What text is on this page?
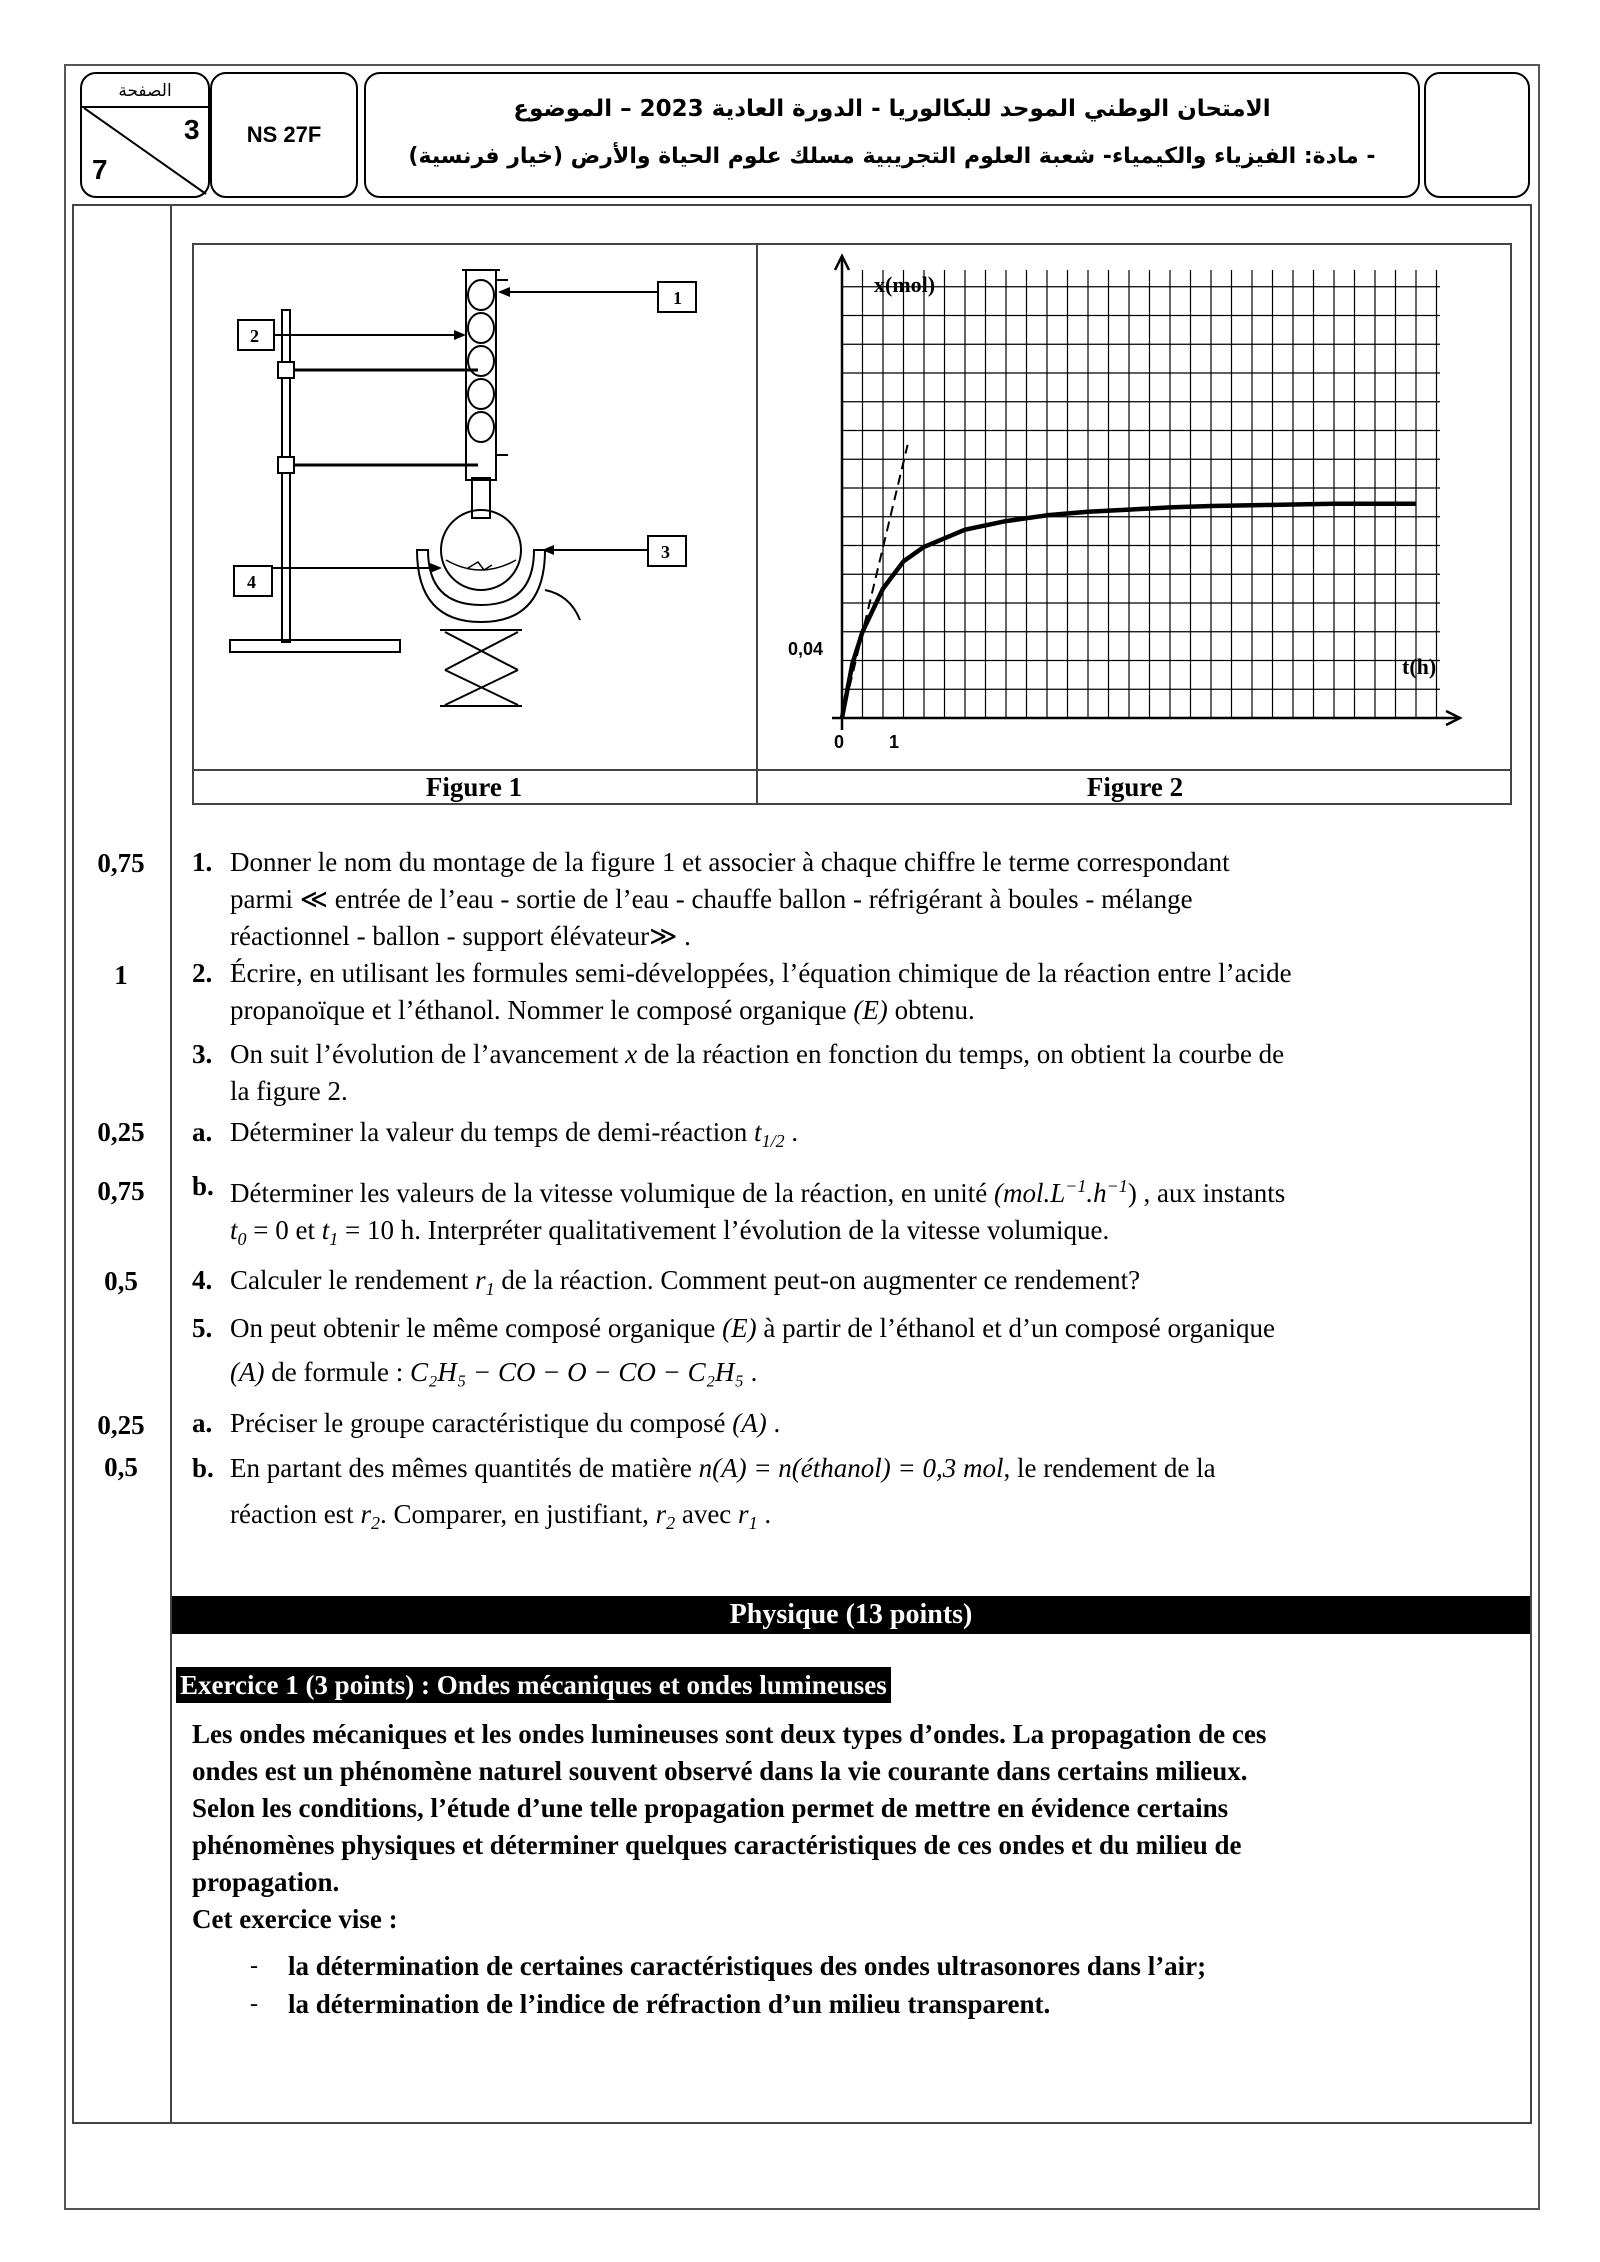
الصفحة
3
7
NS 27F
الامتحان الوطني الموحد للبكالوريا - الدورة العادية 2023 – الموضوع
- مادة: الفيزياء والكيمياء- شعبة العلوم التجريبية مسلك علوم الحياة والأرض (خيار فرنسية)
Figure 1	Figure 2
1
2
3
4
x(mol)
t(h)
0,04
0 1
0,75
1
0,25
0,75
0,5
0,25
0,5
1. Donner le nom du montage de la figure 1 et associer à chaque chiffre le terme correspondant
parmi ≪ entrée de l’eau - sortie de l’eau - chauffe ballon - réfrigérant à boules - mélange
réactionnel - ballon - support élévateur≫ .
2. Écrire, en utilisant les formules semi-développées, l’équation chimique de la réaction entre l’acide
propanoïque et l’éthanol. Nommer le composé organique (E) obtenu.
3. On suit l’évolution de l’avancement x de la réaction en fonction du temps, on obtient la courbe de
la figure 2.
a. Déterminer la valeur du temps de demi-réaction $t_{1/2}$ .
b. Déterminer les valeurs de la vitesse volumique de la réaction, en unité $(mol.L^{-1}.h^{-1})$ , aux instants
$t_0 = 0$ et $t_1 = 10$ h. Interpréter qualitativement l’évolution de la vitesse volumique.
4. Calculer le rendement $r_1$ de la réaction. Comment peut-on augmenter ce rendement?
5. On peut obtenir le même composé organique (E) à partir de l’éthanol et d’un composé organique
(A) de formule : C₂H₅ − CO − O − CO − C₂H₅ .
a. Préciser le groupe caractéristique du composé (A) .
b. En partant des mêmes quantités de matière n(A) = n(éthanol) = 0,3 mol, le rendement de la
réaction est $r_2$. Comparer, en justifiant, $r_2$ avec $r_1$ .
Physique (13 points)
Exercice 1 (3 points) : Ondes mécaniques et ondes lumineuses
Les ondes mécaniques et les ondes lumineuses sont deux types d’ondes. La propagation de ces
ondes est un phénomène naturel souvent observé dans la vie courante dans certains milieux.
Selon les conditions, l’étude d’une telle propagation permet de mettre en évidence certains
phénomènes physiques et déterminer quelques caractéristiques de ces ondes et du milieu de
propagation.
Cet exercice vise :
- la détermination de certaines caractéristiques des ondes ultrasonores dans l’air;
- la détermination de l’indice de réfraction d’un milieu transparent.
